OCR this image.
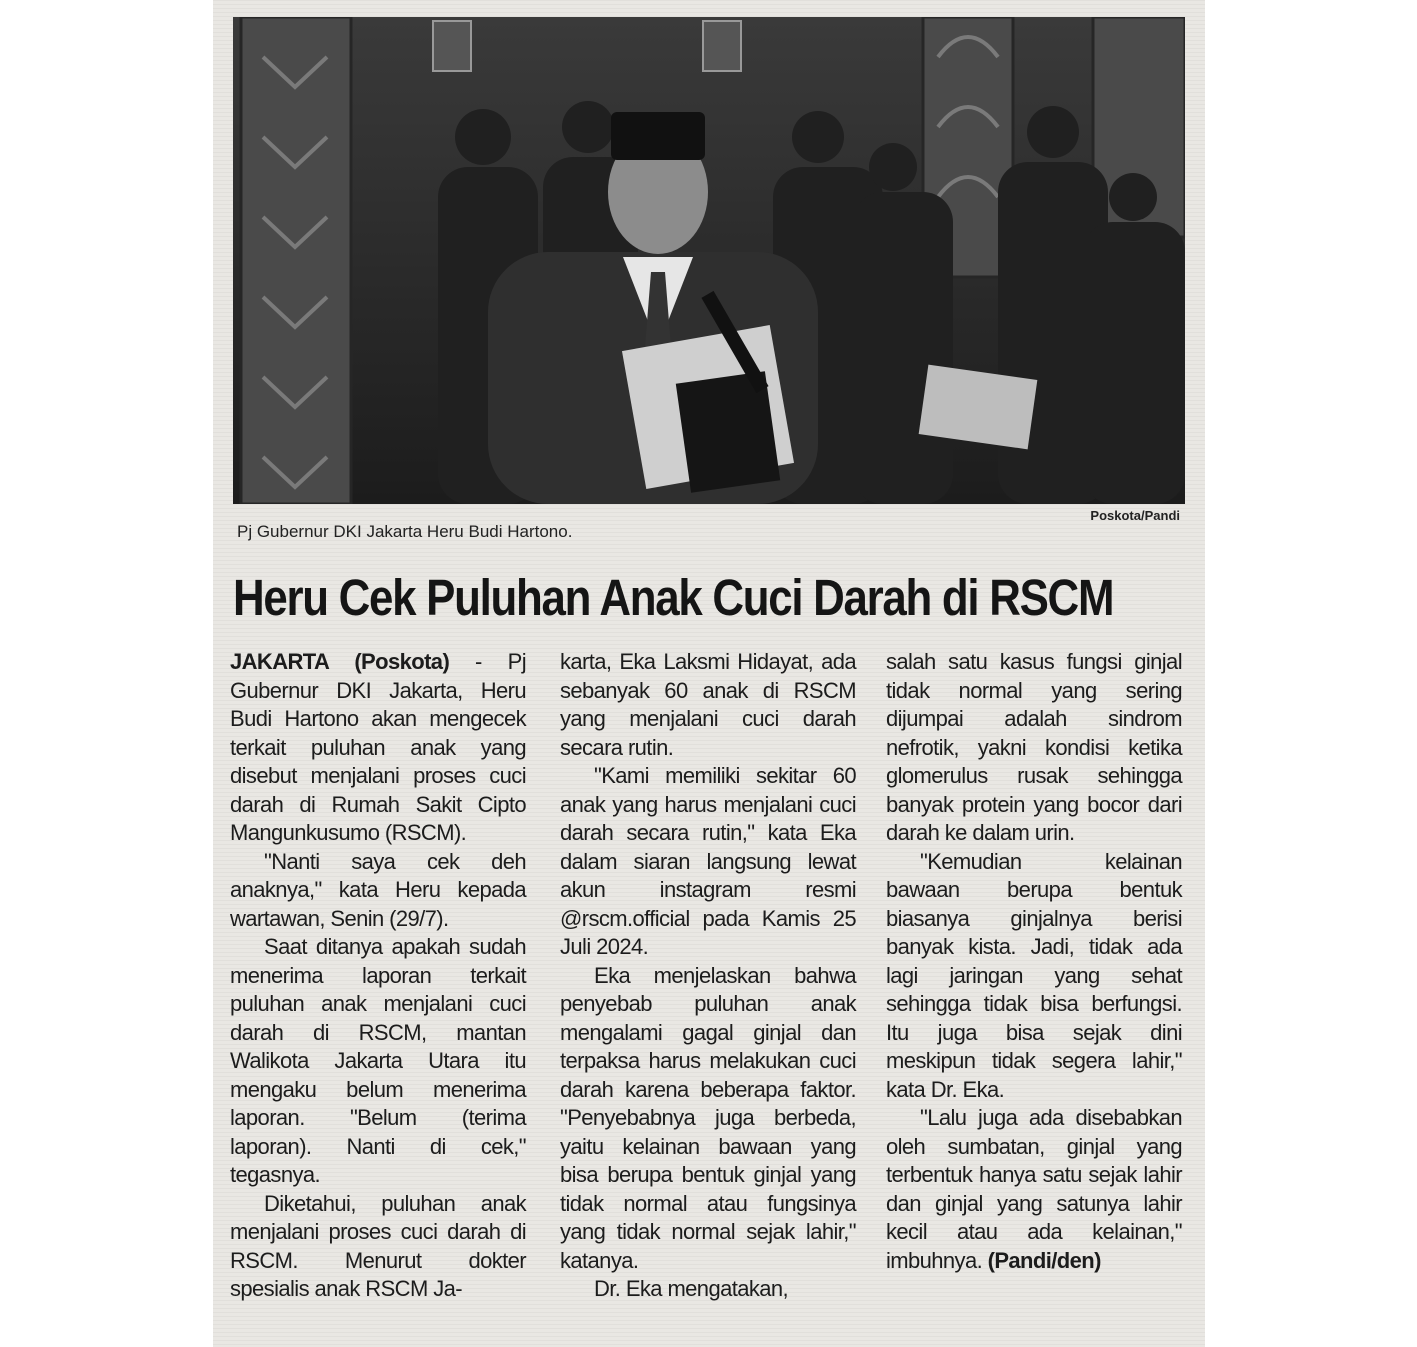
Poskota/Pandi
Pj Gubernur DKI Jakarta Heru Budi Hartono.
Heru Cek Puluhan Anak Cuci Darah di RSCM

JAKARTA (Poskota) - Pj Gubernur DKI Jakarta, Heru Budi Hartono akan mengecek terkait puluhan anak yang disebut menjalani proses cuci darah di Rumah Sakit Cipto Mangunkusumo (RSCM).

"Nanti saya cek deh anaknya," kata Heru kepada wartawan, Senin (29/7).

Saat ditanya apakah sudah menerima laporan terkait puluhan anak menjalani cuci darah di RSCM, mantan Walikota Jakarta Utara itu mengaku belum menerima laporan. "Belum (terima laporan). Nanti di cek," tegasnya.

Diketahui, puluhan anak menjalani proses cuci darah di RSCM. Menurut dokter spesialis anak RSCM Ja-

karta, Eka Laksmi Hidayat, ada sebanyak 60 anak di RSCM yang menjalani cuci darah secara rutin.

"Kami memiliki sekitar 60 anak yang harus menjalani cuci darah secara rutin," kata Eka dalam siaran langsung lewat akun instagram resmi @rscm.official pada Kamis 25 Juli 2024.

Eka menjelaskan bahwa penyebab puluhan anak mengalami gagal ginjal dan terpaksa harus melakukan cuci darah karena beberapa faktor. "Penyebabnya juga berbeda, yaitu kelainan bawaan yang bisa berupa bentuk ginjal yang tidak normal atau fungsinya yang tidak normal sejak lahir," katanya.

Dr. Eka mengatakan,

salah satu kasus fungsi ginjal tidak normal yang sering dijumpai adalah sindrom nefrotik, yakni kondisi ketika glomerulus rusak sehingga banyak protein yang bocor dari darah ke dalam urin.

"Kemudian kelainan bawaan berupa bentuk biasanya ginjalnya berisi banyak kista. Jadi, tidak ada lagi jaringan yang sehat sehingga tidak bisa berfungsi. Itu juga bisa sejak dini meskipun tidak segera lahir," kata Dr. Eka.

"Lalu juga ada disebabkan oleh sumbatan, ginjal yang terbentuk hanya satu sejak lahir dan ginjal yang satunya lahir kecil atau ada kelainan," imbuhnya. (Pandi/den)
